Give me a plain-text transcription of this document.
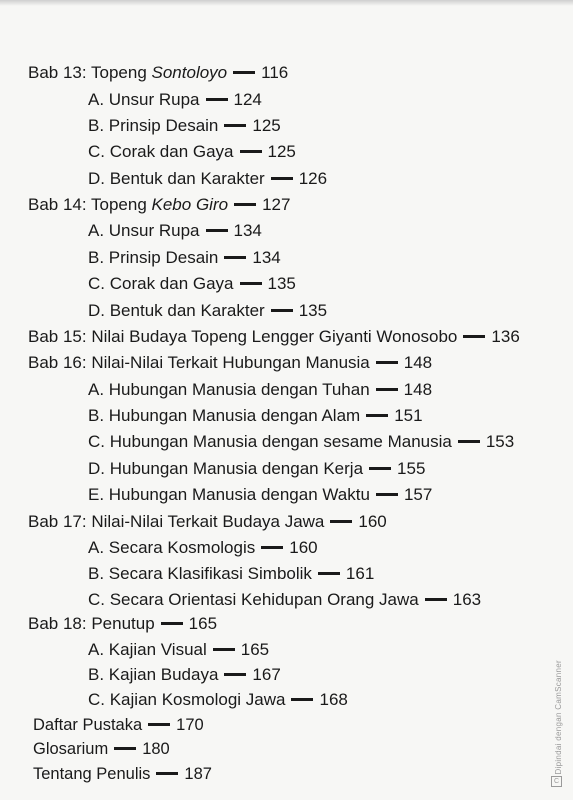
Bab 13: Topeng Sontoloyo 116
A. Unsur Rupa 124
B. Prinsip Desain 125
C. Corak dan Gaya 125
D. Bentuk dan Karakter 126
Bab 14: Topeng Kebo Giro 127
A. Unsur Rupa 134
B. Prinsip Desain 134
C. Corak dan Gaya 135
D. Bentuk dan Karakter 135
Bab 15: Nilai Budaya Topeng Lengger Giyanti Wonosobo 136
Bab 16: Nilai-Nilai Terkait Hubungan Manusia 148
A. Hubungan Manusia dengan Tuhan 148
B. Hubungan Manusia dengan Alam 151
C. Hubungan Manusia dengan sesame Manusia 153
D. Hubungan Manusia dengan Kerja 155
E. Hubungan Manusia dengan Waktu 157
Bab 17: Nilai-Nilai Terkait Budaya Jawa 160
A. Secara Kosmologis 160
B. Secara Klasifikasi Simbolik 161
C. Secara Orientasi Kehidupan Orang Jawa 163
Bab 18: Penutup 165
A. Kajian Visual 165
B. Kajian Budaya 167
C. Kajian Kosmologi Jawa 168
Daftar Pustaka 170
Glosarium 180
Tentang Penulis 187	Dipindai dengan CamScanner
C
